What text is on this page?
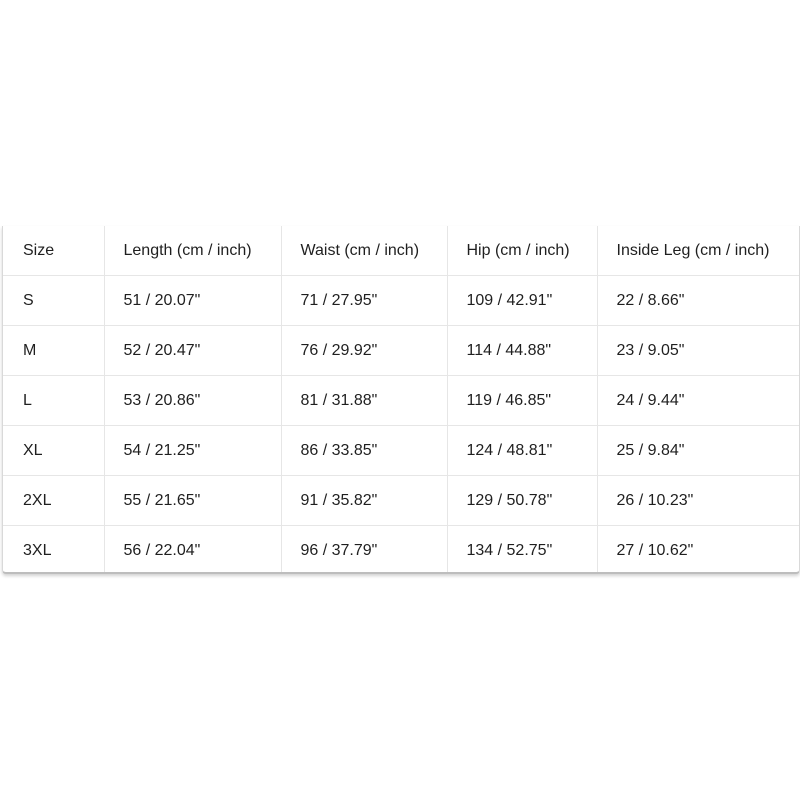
Size	Length (cm / inch)	Waist (cm / inch)	Hip (cm / inch)	Inside Leg (cm / inch)
S	51 / 20.07"	71 / 27.95"	109 / 42.91"	22 / 8.66"
M	52 / 20.47"	76 / 29.92"	114 / 44.88"	23 / 9.05"
L	53 / 20.86"	81 / 31.88"	119 / 46.85"	24 / 9.44"
XL	54 / 21.25"	86 / 33.85"	124 / 48.81"	25 / 9.84"
2XL	55 / 21.65"	91 / 35.82"	129 / 50.78"	26 / 10.23"
3XL	56 / 22.04"	96 / 37.79"	134 / 52.75"	27 / 10.62"
